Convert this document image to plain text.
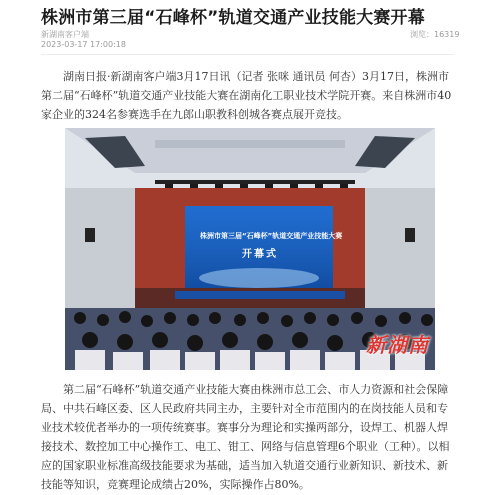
株洲市第三届“石峰杯”轨道交通产业技能大赛开幕
新湖南客户端
2023-03-17 17:00:18
浏览：16319

湖南日报·新湖南客户端3月17日讯（记者 张咪 通讯员 何杏）3月17日，株洲市第二届“石峰杯”轨道交通产业技能大赛在湖南化工职业技术学院开赛。来自株洲市40家企业的324名参赛选手在九郎山职教科创城各赛点展开竞技。

株洲市第三届“石峰杯”轨道交通产业技能大赛
开幕式
新湖南

第二届“石峰杯”轨道交通产业技能大赛由株洲市总工会、市人力资源和社会保障局、中共石峰区委、区人民政府共同主办，主要针对全市范围内的在岗技能人员和专业技术较优者举办的一项传统赛事。赛事分为理论和实操两部分，设焊工、机器人焊接技术、数控加工中心操作工、电工、钳工、网络与信息管理6个职业（工种）。以相应的国家职业标准高级技能要求为基础，适当加入轨道交通行业新知识、新技术、新技能等知识，竞赛理论成绩占20%，实际操作占80%。
